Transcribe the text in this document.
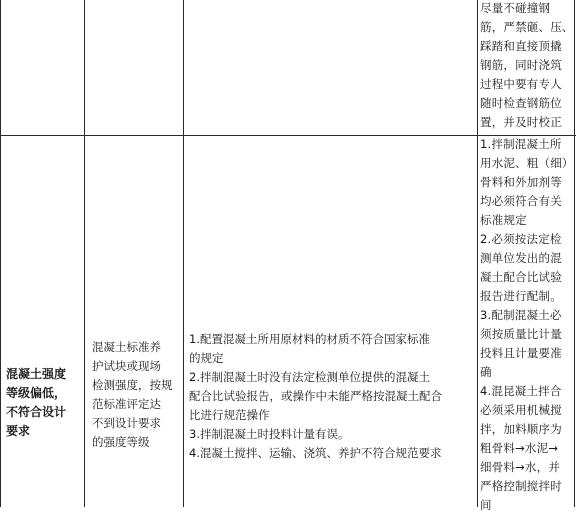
尽量不碰撞钢
筋，严禁砸、压、
踩踏和直接顶撬
钢筋，同时浇筑
过程中要有专人
随时检查钢筋位
置，并及时校正
混凝土强度
等级偏低，
不符合设计
要求
混凝土标准养
护试块或现场
检测强度，按规
范标准评定达
不到设计要求
的强度等级
1.配置混凝土所用原材料的材质不符合国家标准
的规定
2.拌制混凝土时没有法定检测单位提供的混凝土
配合比试验报告，或操作中未能严格按混凝土配合
比进行规范操作
3.拌制混凝土时投料计量有误。
4.混凝土搅拌、运输、浇筑、养护不符合规范要求
1.拌制混凝土所
用水泥、粗（细）
骨料和外加剂等
均必须符合有关
标准规定
2.必须按法定检
测单位发出的混
凝土配合比试验
报告进行配制。
3.配制混凝土必
须按质量比计量
投料且计量要准
确
4.混昆凝土拌合
必须采用机械搅
拌，加料顺序为
粗骨料→水泥→
细骨料→水，并
严格控制搅拌时
间
